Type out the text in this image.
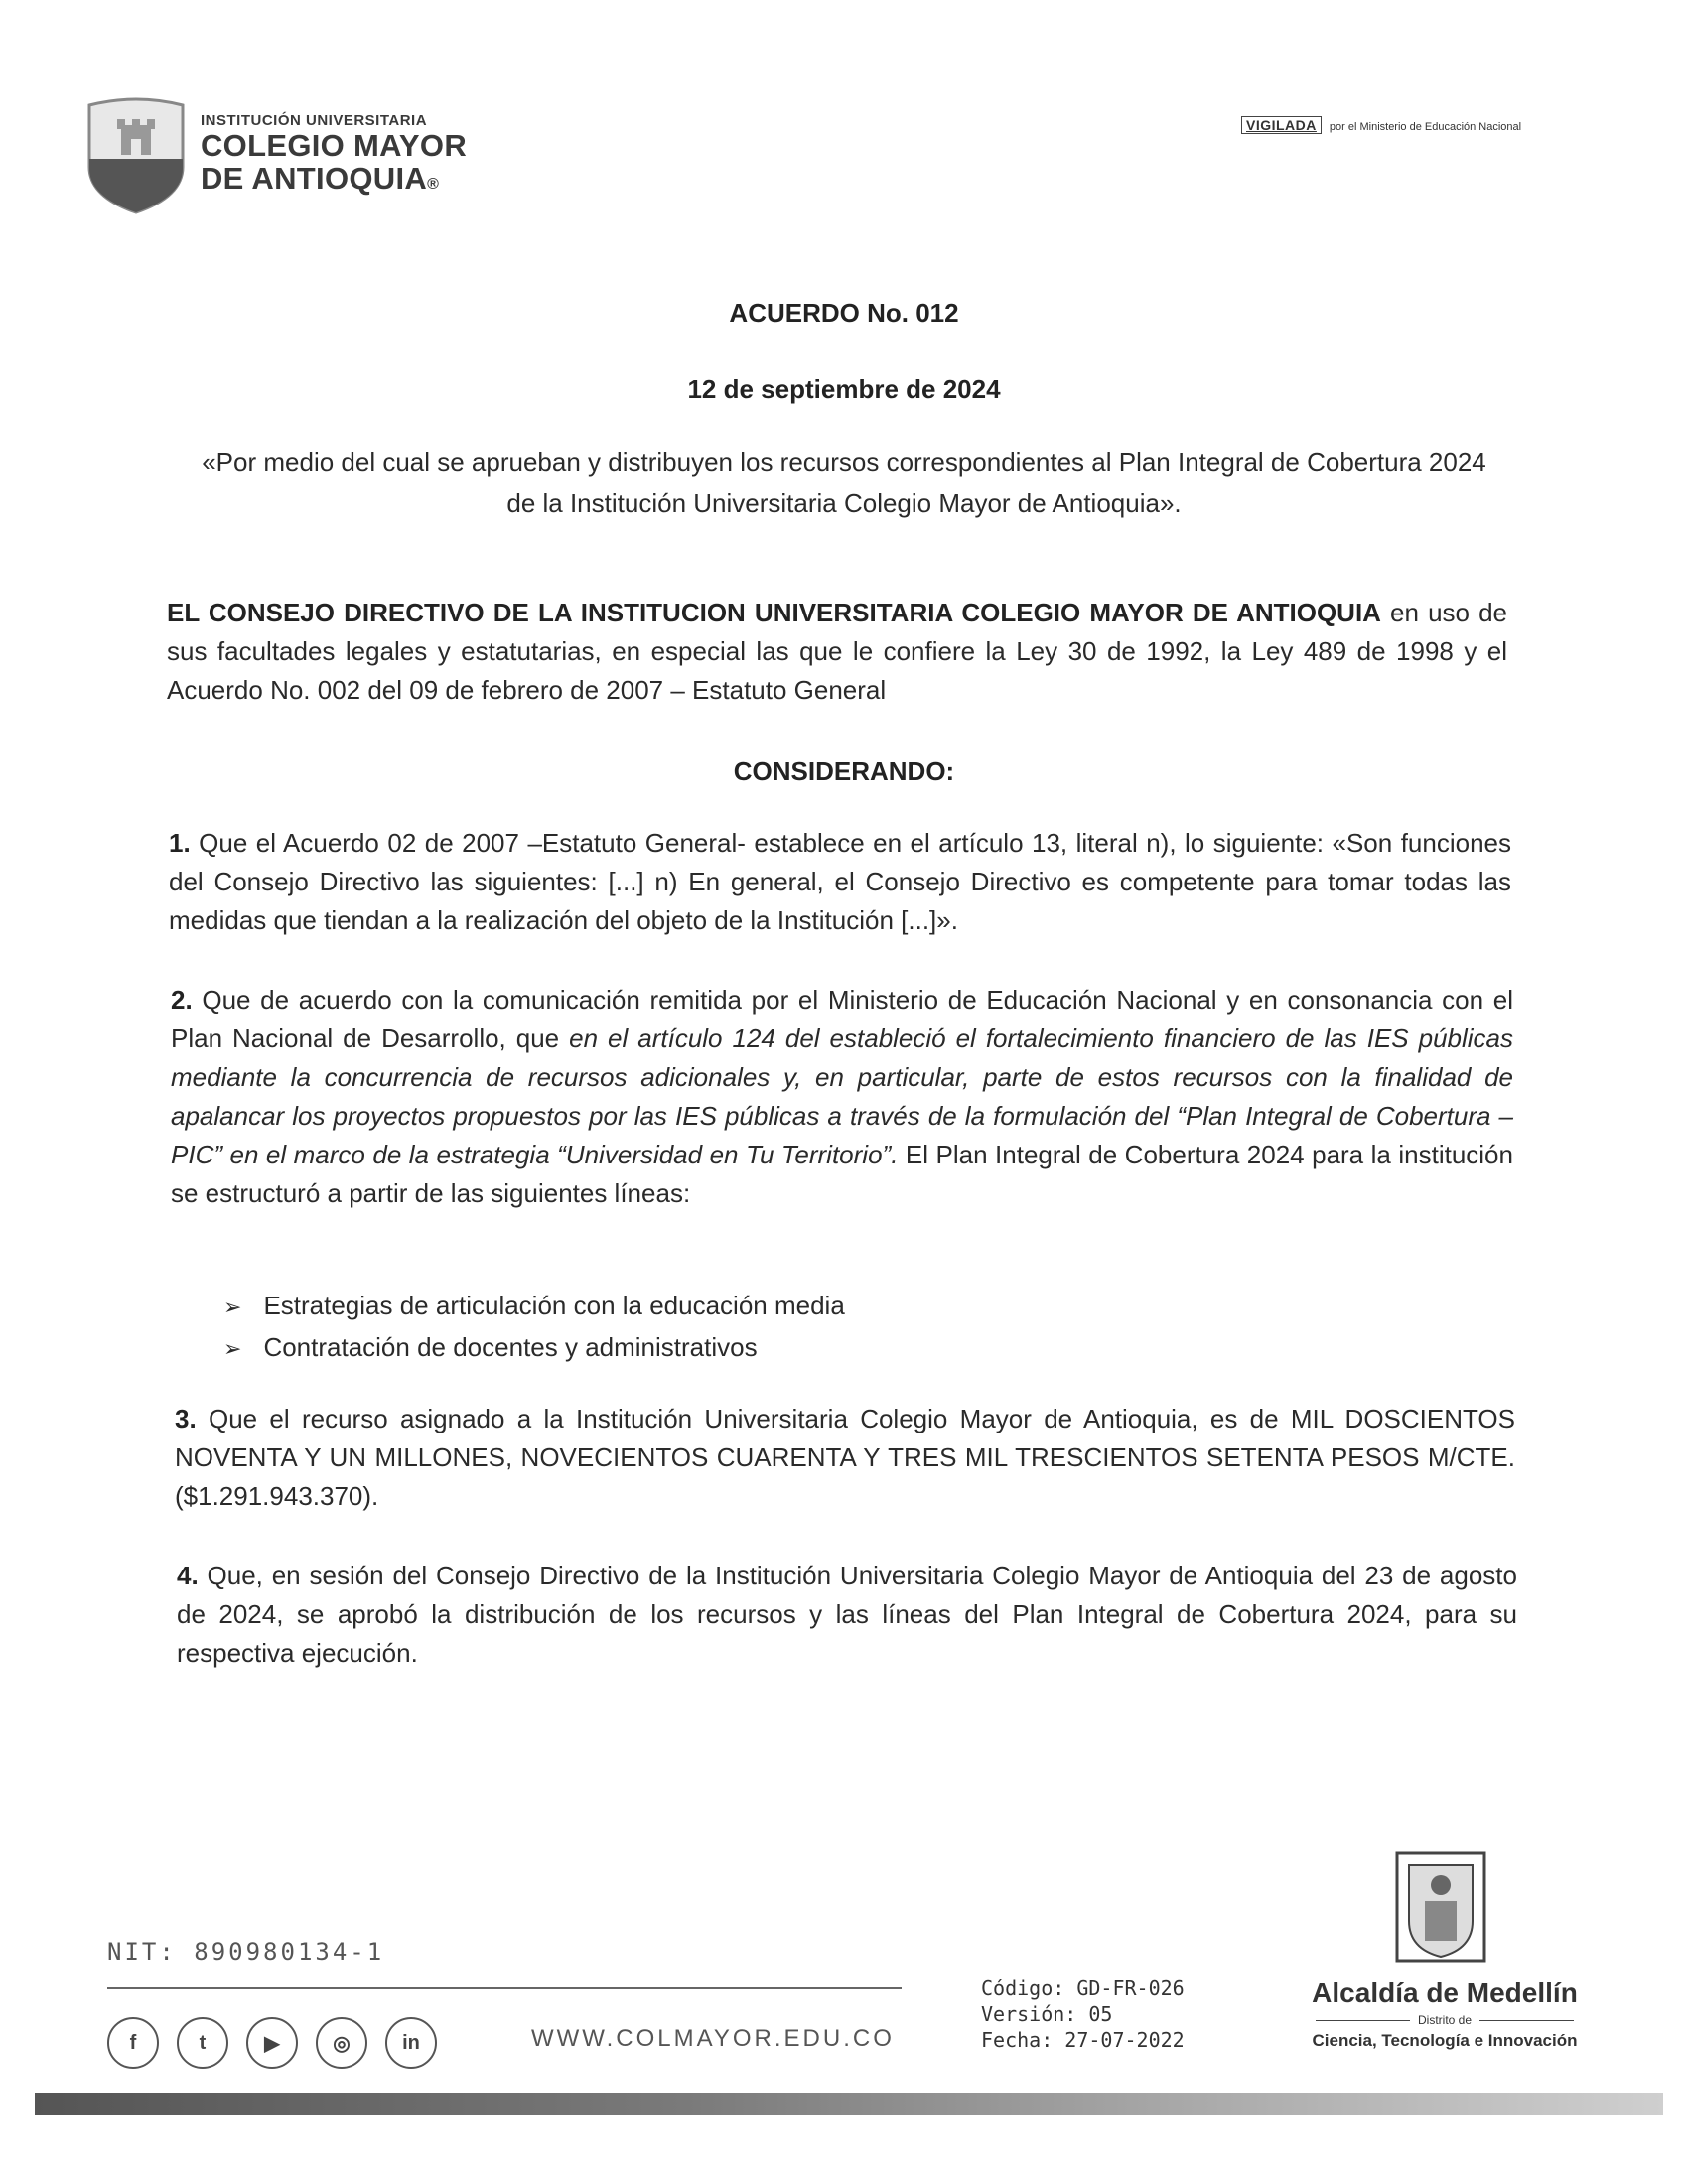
INSTITUCIÓN UNIVERSITARIA
COLEGIO MAYOR
DE ANTIOQUIA®
VIGILADA por el Ministerio de Educación Nacional
ACUERDO No. 012
12 de septiembre de 2024
«Por medio del cual se aprueban y distribuyen los recursos correspondientes al Plan Integral de Cobertura 2024 de la Institución Universitaria Colegio Mayor de Antioquia».
EL CONSEJO DIRECTIVO DE LA INSTITUCION UNIVERSITARIA COLEGIO MAYOR DE ANTIOQUIA en uso de sus facultades legales y estatutarias, en especial las que le confiere la Ley 30 de 1992, la Ley 489 de 1998 y el Acuerdo No. 002 del 09 de febrero de 2007 – Estatuto General
CONSIDERANDO:
1. Que el Acuerdo 02 de 2007 –Estatuto General- establece en el artículo 13, literal n), lo siguiente: «Son funciones del Consejo Directivo las siguientes: [...] n) En general, el Consejo Directivo es competente para tomar todas las medidas que tiendan a la realización del objeto de la Institución [...]».
2. Que de acuerdo con la comunicación remitida por el Ministerio de Educación Nacional y en consonancia con el Plan Nacional de Desarrollo, que en el artículo 124 del estableció el fortalecimiento financiero de las IES públicas mediante la concurrencia de recursos adicionales y, en particular, parte de estos recursos con la finalidad de apalancar los proyectos propuestos por las IES públicas a través de la formulación del “Plan Integral de Cobertura – PIC” en el marco de la estrategia “Universidad en Tu Territorio”. El Plan Integral de Cobertura 2024 para la institución se estructuró a partir de las siguientes líneas:
➢ Estrategias de articulación con la educación media
➢ Contratación de docentes y administrativos
3. Que el recurso asignado a la Institución Universitaria Colegio Mayor de Antioquia, es de MIL DOSCIENTOS NOVENTA Y UN MILLONES, NOVECIENTOS CUARENTA Y TRES MIL TRESCIENTOS SETENTA PESOS M/CTE. ($1.291.943.370).
4. Que, en sesión del Consejo Directivo de la Institución Universitaria Colegio Mayor de Antioquia del 23 de agosto de 2024, se aprobó la distribución de los recursos y las líneas del Plan Integral de Cobertura 2024, para su respectiva ejecución.
NIT: 890980134-1
f	t	▶	◎	in	WWW.COLMAYOR.EDU.CO
Código: GD-FR-026
Versión: 05
Fecha: 27-07-2022
Alcaldía de Medellín
Distrito de
Ciencia, Tecnología e Innovación
